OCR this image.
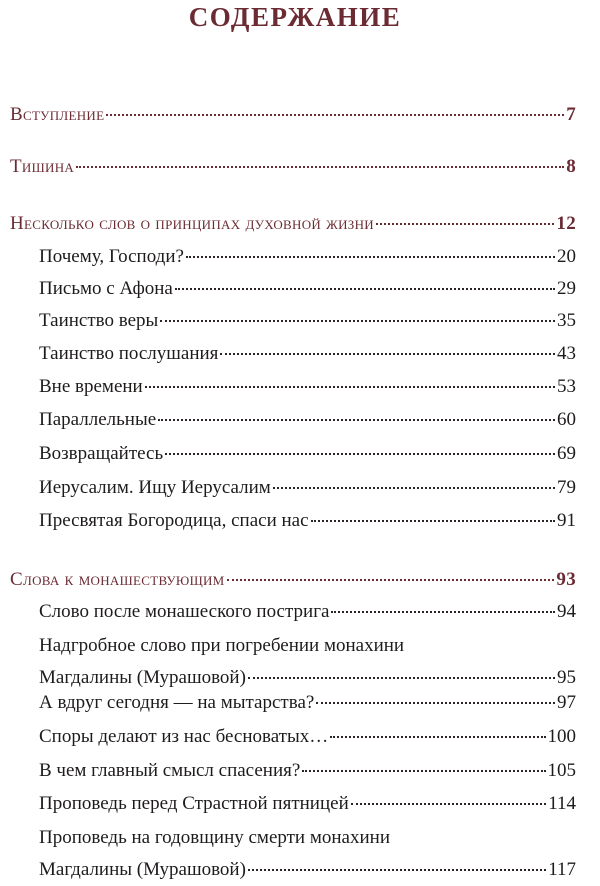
СОДЕРЖАНИЕ
Вступление	7
Тишина	8
Несколько слов о принципах духовной жизни	12
Почему, Господи?	20
Письмо с Афона	29
Таинство веры	35
Таинство послушания	43
Вне времени	53
Параллельные	60
Возвращайтесь	69
Иерусалим. Ищу Иерусалим	79
Пресвятая Богородица, спаси нас	91
Слова к монашествующим	93
Слово после монашеского пострига	94
Надгробное слово при погребении монахини
Магдалины (Мурашовой)	95
А вдруг сегодня — на мытарства?	97
Споры делают из нас бесноватых…	100
В чем главный смысл спасения?	105
Проповедь перед Страстной пятницей	114
Проповедь на годовщину смерти монахини
Магдалины (Мурашовой)	117
